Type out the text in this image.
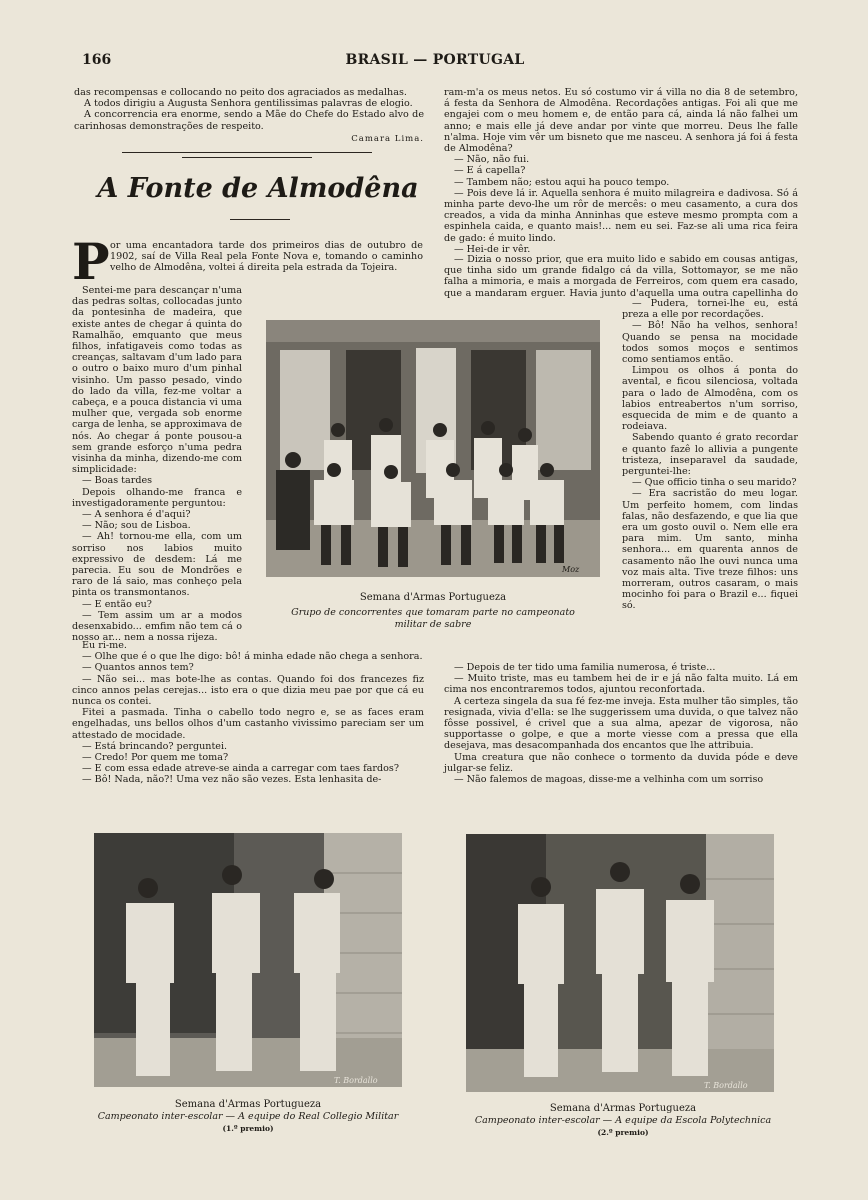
166	BRASIL — PORTUGAL

das recompensas e collocando no peito dos agraciados as medalhas.

A todos dirigiu a Augusta Senhora gentilissimas palavras de elogio.

A concorrencia era enorme, sendo a Mãe do Chefe do Estado alvo de carinhosas demonstrações de respeito.

Camara Lima.
A Fonte de Almodêna
P or uma encantadora tarde dos primeiros dias de outubro de 1902, saí de Villa Real pela Fonte Nova e, tomando o caminho velho de Almodêna, voltei á direita pela estrada da Tojeira.

Sentei-me para descançar n'uma das pedras soltas, collocadas junto da pontesinha de madeira, que existe antes de chegar á quinta do Ramalhão, emquanto que meus filhos, infatigaveis como todas as creanças, saltavam d'um lado para o outro o baixo muro d'um pinhal visinho. Um passo pesado, vindo do lado da villa, fez-me voltar a cabeça, e a pouca distancia vi uma mulher que, vergada sob enorme carga de lenha, se approximava de nós. Ao chegar á ponte pousou-a sem grande esforço n'uma pedra visinha da minha, dizendo-me com simplicidade:

— Boas tardes

Depois olhando-me franca e investigadoramente perguntou:

— A senhora é d'aqui?

— Não; sou de Lisboa.

— Ah! tornou-me ella, com um sorriso nos labios muito expressivo de desdem: Lá me parecia. Eu sou de Mondrões e raro de lá saio, mas conheço pela pinta os transmontanos.

— E então eu?

— Tem assim um ar a modos desenxabido... emfim não tem cá o nosso ar... nem a nossa rijeza.

Eu ri-me.

— Olhe que é o que lhe digo: bô! á minha edade não chega a senhora.

— Quantos annos tem?

— Não sei... mas bote-lhe as contas. Quando foi dos francezes fiz cinco annos pelas cerejas... isto era o que dizia meu pae por que cá eu nunca os contei.

Fitei a pasmada. Tinha o cabello todo negro e, se as faces eram engelhadas, uns bellos olhos d'um castanho vivissimo pareciam ser um attestado de mocidade.

— Está brincando? perguntei.

— Credo! Por quem me toma?

— E com essa edade atreve-se ainda a carregar com taes fardos?

— Bô! Nada, não?! Uma vez não são vezes. Esta lenhasita de-

ram-m'a os meus netos. Eu só costumo vir á villa no dia 8 de setembro, á festa da Senhora de Almodêna. Recordações antigas. Foi ali que me engajei com o meu homem e, de então para cá, ainda lá não falhei um anno; e mais elle já deve andar por vinte que morreu. Deus lhe falle n'alma. Hoje vim vêr um bisneto que me nasceu. A senhora já foi á festa de Almodêna?

— Não, não fui.

— E á capella?

— Tambem não; estou aqui ha pouco tempo.

— Pois deve lá ir. Aquella senhora é muito milagreira e dadivosa. Só á minha parte devo-lhe um rôr de mercês: o meu casamento, a cura dos creados, a vida da minha Anninhas que esteve mesmo prompta com a espinhela caida, e quanto mais!... nem eu sei. Faz-se ali uma rica feira de gado: é muito lindo.

— Hei-de ir vêr.

— Dizia o nosso prior, que era muito lido e sabido em cousas antigas, que tinha sido um grande fidalgo cá da villa, Sottomayor, se me não falha a mimoria, e mais a morgada de Ferreiros, com quem era casado, que a mandaram erguer. Havia junto d'aquella uma outra capellinha do

— Pudera, tornei-lhe eu, está preza a elle por recordações.

— Bô! Não ha velhos, senhora! Quando se pensa na mocidade todos somos moços e sentimos como sentiamos então.

Limpou os olhos á ponta do avental, e ficou silenciosa, voltada para o lado de Almodêna, com os labios entreabertos n'um sorriso, esquecida de mim e de quanto a rodeiava.

Sabendo quanto é grato recordar e quanto fazê lo allivia a pungente tristeza, inseparavel da saudade, perguntei-lhe:

— Que officio tinha o seu marido?

— Era sacristão do meu logar. Um perfeito homem, com lindas falas, não desfazendo, e que lia que era um gosto ouvil o. Nem elle era para mim. Um santo, minha senhora... em quarenta annos de casamento não lhe ouvi nunca uma voz mais alta. Tive treze filhos: uns morreram, outros casaram, o mais mocinho foi para o Brazil e... fiquei só.

— Depois de ter tido uma familia numerosa, é triste...

— Muito triste, mas eu tambem hei de ir e já não falta muito. Lá em cima nos encontraremos todos, ajuntou reconfortada.

A certeza singela da sua fé fez-me inveja. Esta mulher tão simples, tão resignada, vivia d'ella: se lhe suggerissem uma duvida, o que talvez não fôsse possivel, é crivel que a sua alma, apezar de vigorosa, não supportasse o golpe, e que a morte viesse com a pressa que ella desejava, mas desacompanhada dos encantos que lhe attribuia.

Uma creatura que não conhece o tormento da duvida póde e deve julgar-se feliz.

— Não falemos de magoas, disse-me a velhinha com um sorriso

Moz
Semana d'Armas Portugueza
Grupo de concorrentes que tomaram parte no campeonato
militar de sabre
T. Bordallo
Semana d'Armas Portugueza
Campeonato inter-escolar — A equipe do Real Collegio Militar
(1.º premio)
T. Bordallo
Semana d'Armas Portugueza
Campeonato inter-escolar — A equipe da Escola Polytechnica
(2.º premio)
